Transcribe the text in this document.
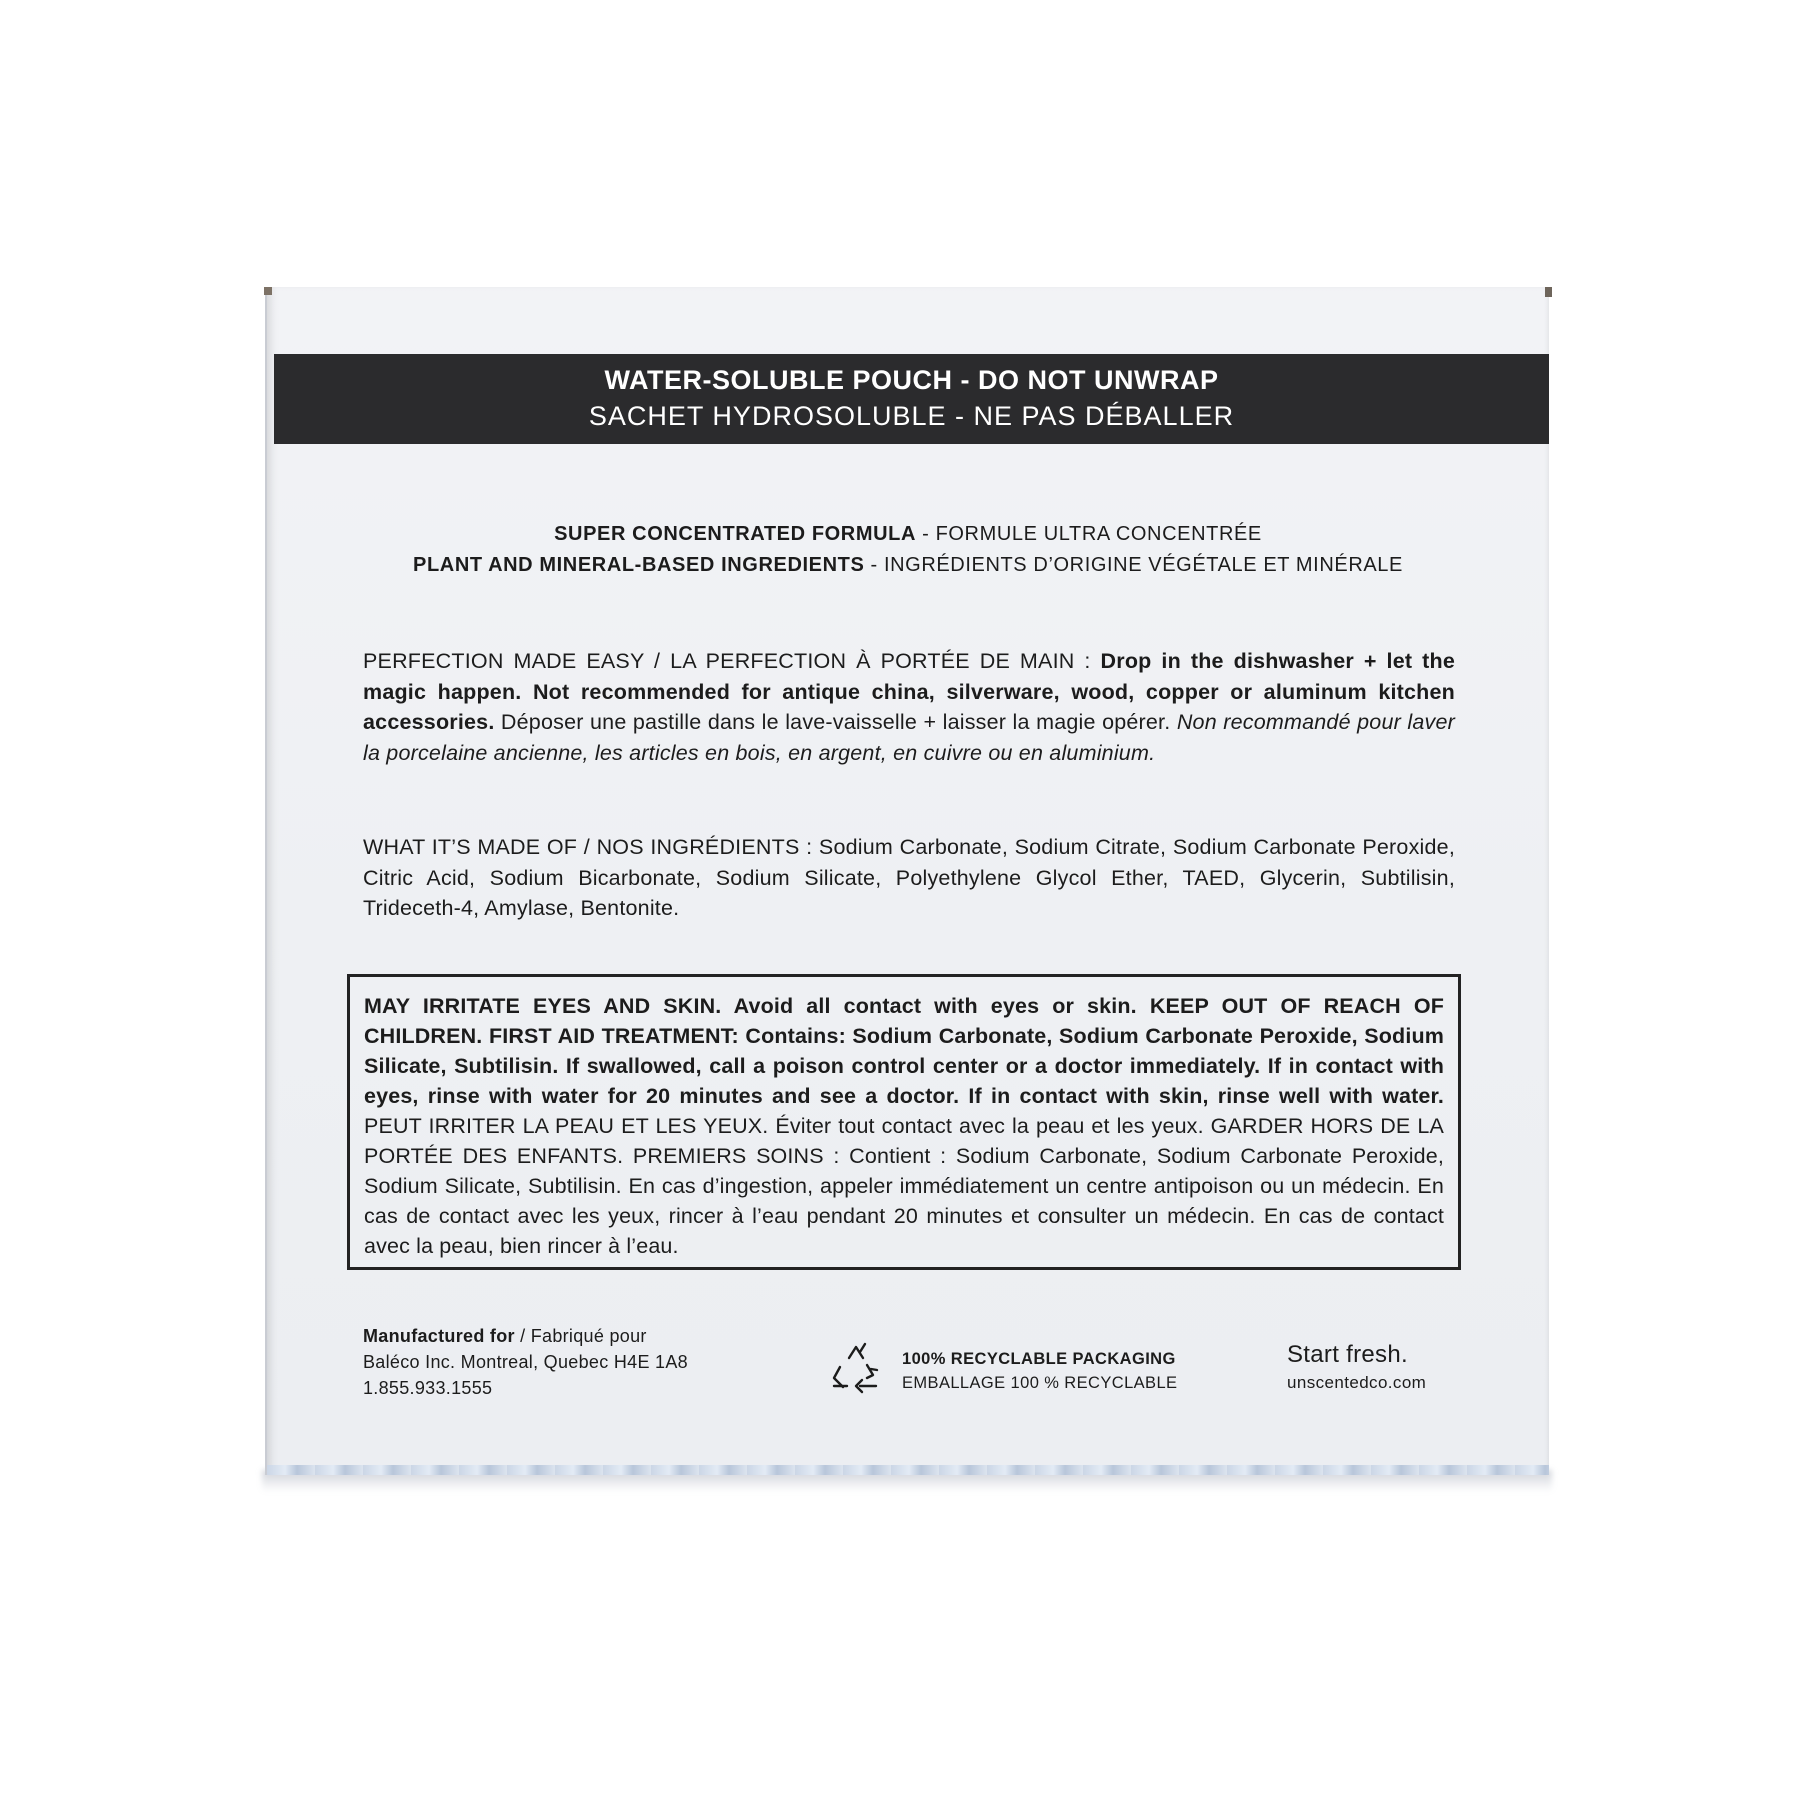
WATER-SOLUBLE POUCH - DO NOT UNWRAP
SACHET HYDROSOLUBLE - NE PAS DÉBALLER
SUPER CONCENTRATED FORMULA - FORMULE ULTRA CONCENTRÉE
PLANT AND MINERAL-BASED INGREDIENTS - INGRÉDIENTS D’ORIGINE VÉGÉTALE ET MINÉRALE
PERFECTION MADE EASY / LA PERFECTION À PORTÉE DE MAIN : Drop in the dishwasher + let the magic happen. Not recommended for antique china, silverware, wood, copper or aluminum kitchen accessories. Déposer une pastille dans le lave-vaisselle + laisser la magie opérer. Non recommandé pour laver la porcelaine ancienne, les articles en bois, en argent, en cuivre ou en aluminium.
WHAT IT’S MADE OF / NOS INGRÉDIENTS : Sodium Carbonate, Sodium Citrate, Sodium Carbonate Peroxide, Citric Acid, Sodium Bicarbonate, Sodium Silicate, Polyethylene Glycol Ether, TAED, Glycerin, Subtilisin, Trideceth-4, Amylase, Bentonite.
MAY IRRITATE EYES AND SKIN. Avoid all contact with eyes or skin. KEEP OUT OF REACH OF CHILDREN. FIRST AID TREATMENT: Contains: Sodium Carbonate, Sodium Carbonate Peroxide, Sodium Silicate, Subtilisin. If swallowed, call a poison control center or a doctor immediately. If in contact with eyes, rinse with water for 20 minutes and see a doctor. If in contact with skin, rinse well with water. PEUT IRRITER LA PEAU ET LES YEUX. Éviter tout contact avec la peau et les yeux. GARDER HORS DE LA PORTÉE DES ENFANTS. PREMIERS SOINS : Contient : Sodium Carbonate, Sodium Carbonate Peroxide, Sodium Silicate, Subtilisin. En cas d’ingestion, appeler immédiatement un centre antipoison ou un médecin. En cas de contact avec les yeux, rincer à l’eau pendant 20 minutes et consulter un médecin. En cas de contact avec la peau, bien rincer à l’eau.
Manufactured for / Fabriqué pour
Baléco Inc. Montreal, Quebec H4E 1A8
1.855.933.1555
100% RECYCLABLE PACKAGING
EMBALLAGE 100 % RECYCLABLE
Start fresh.
unscentedco.com
